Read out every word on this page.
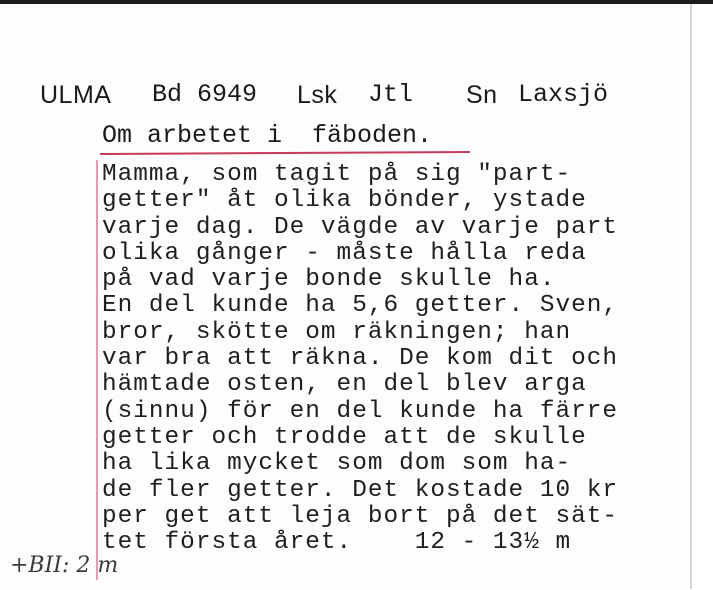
ULMA Bd 6949 Lsk Jtl Sn Laxsjö
Om arbetet i  fäboden.
Mamma, som tagit på sig "part-
getter" åt olika bönder, ystade
varje dag. De vägde av varje part
olika gånger - måste hålla reda
på vad varje bonde skulle ha.
En del kunde ha 5,6 getter. Sven,
bror, skötte om räkningen; han
var bra att räkna. De kom dit och
hämtade osten, en del blev arga
(sinnu) för en del kunde ha färre
getter och trodde att de skulle
ha lika mycket som dom som ha-
de fler getter. Det kostade 10 kr
per get att leja bort på det sät-
tet första året.    12 - 13½ m
+BII: 2 m
